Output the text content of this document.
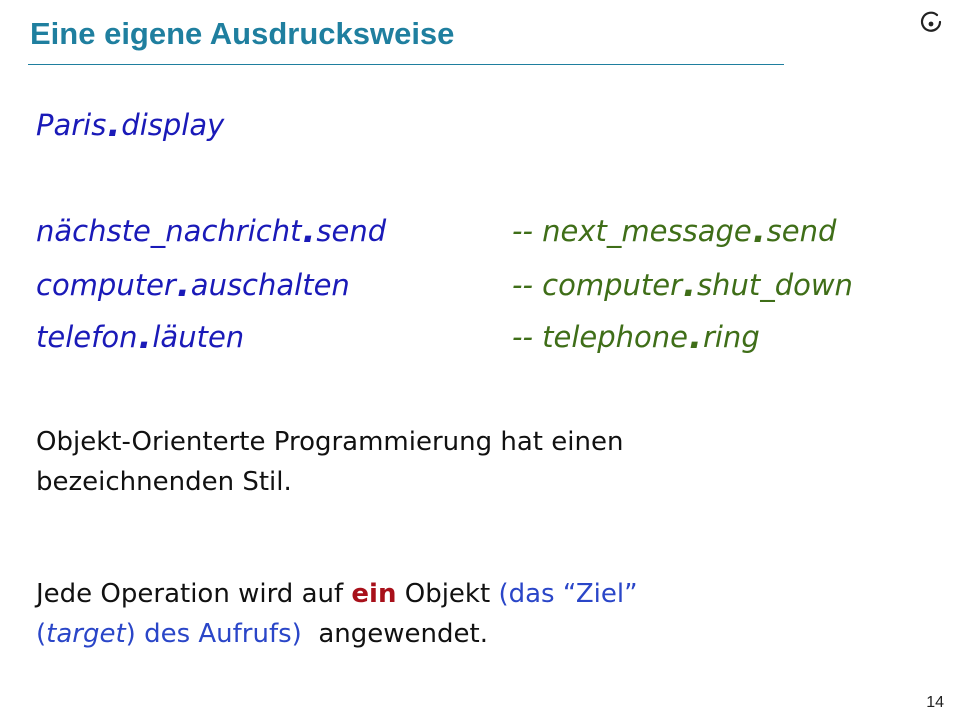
Eine eigene Ausdrucksweise
Paris.display
nächste_nachricht.send	-- next_message.send
computer.auschalten	-- computer.shut_down
telefon.läuten	-- telephone.ring
Objekt-Orienterte Programmierung hat einen
bezeichnenden Stil.
Jede Operation wird auf ein Objekt (das “Ziel”
(target) des Aufrufs)  angewendet.
14
